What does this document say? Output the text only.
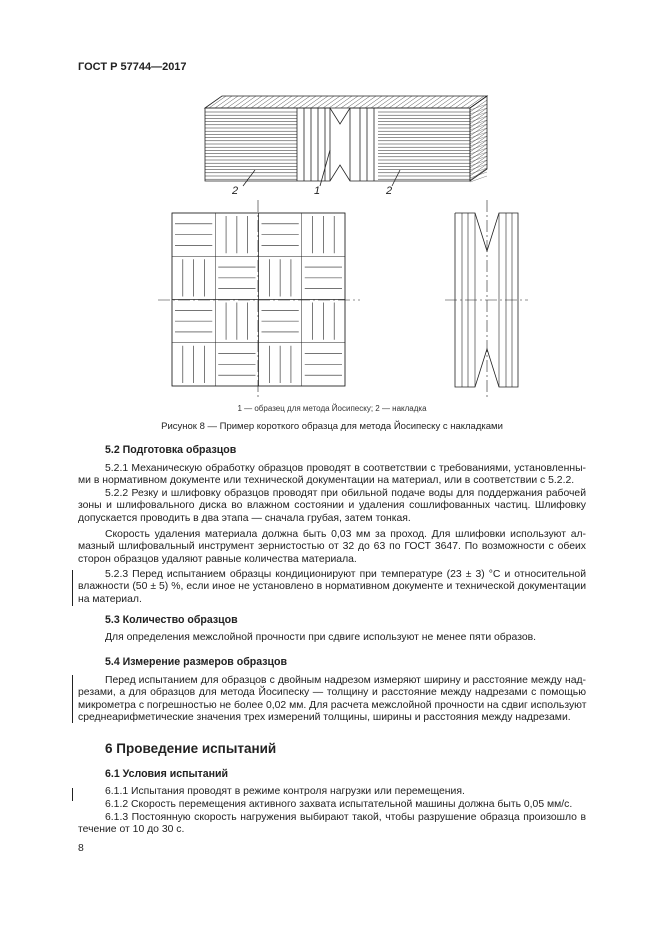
ГОСТ Р 57744—2017
2	1	2
1 — образец для метода Йосипеску; 2 — накладка
Рисунок 8 — Пример короткого образца для метода Йосипеску с накладками
5.2 Подготовка образцов
5.2.1 Механическую обработку образцов проводят в соответствии с требованиями, установленны-
ми в нормативном документе или технической документации на материал, или в соответствии с 5.2.2.
5.2.2 Резку и шлифовку образцов проводят при обильной подаче воды для поддержания рабочей
зоны и шлифовального диска во влажном состоянии и удаления сошлифованных частиц. Шлифовку
допускается проводить в два этапа — сначала грубая, затем тонкая.
Скорость удаления материала должна быть 0,03 мм за проход. Для шлифовки используют ал-
мазный шлифовальный инструмент зернистостью от 32 до 63 по ГОСТ 3647. По возможности с обеих
сторон образцов удаляют равные количества материала.
5.2.3 Перед испытанием образцы кондиционируют при температуре (23 ± 3) °С и относительной
влажности (50 ± 5) %, если иное не установлено в нормативном документе и технической документации
на материал.
5.3 Количество образцов
Для определения межслойной прочности при сдвиге используют не менее пяти образов.
5.4 Измерение размеров образцов
Перед испытанием для образцов с двойным надрезом измеряют ширину и расстояние между над-
резами, а для образцов для метода Йосипеску — толщину и расстояние между надрезами с помощью
микрометра с погрешностью не более 0,02 мм. Для расчета межслойной прочности на сдвиг используют
среднеарифметические значения трех измерений толщины, ширины и расстояния между надрезами.
6 Проведение испытаний
6.1 Условия испытаний
6.1.1 Испытания проводят в режиме контроля нагрузки или перемещения.
6.1.2 Скорость перемещения активного захвата испытательной машины должна быть 0,05 мм/с.
6.1.3 Постоянную скорость нагружения выбирают такой, чтобы разрушение образца произошло в
течение от 10 до 30 с.
8
